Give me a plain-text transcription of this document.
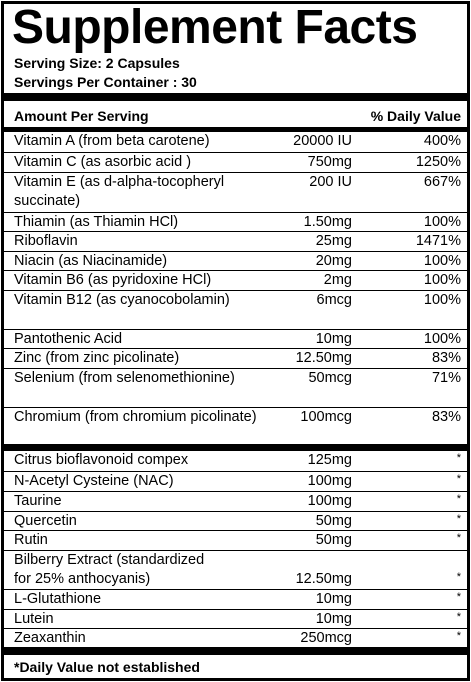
Supplement Facts
Serving Size: 2 Capsules
Servings Per Container : 30
Amount Per Serving	% Daily Value
Vitamin A (from beta carotene)	20000 IU	400%
Vitamin C (as asorbic acid )	750mg	1250%
Vitamin E (as d-alpha-tocopheryl succinate)
200 IU	667%
Thiamin (as Thiamin HCl)	1.50mg	100%
Riboflavin	25mg	1471%
Niacin (as Niacinamide)	20mg	100%
Vitamin B6 (as pyridoxine HCl)	2mg	100%
Vitamin B12 (as cyanocobolamin)	6mcg	100%
Pantothenic Acid	10mg	100%
Zinc (from zinc picolinate)	12.50mg	83%
Selenium (from selenomethionine)	50mcg	71%
Chromium (from chromium picolinate)	100mcg	83%
Citrus bioflavonoid compex	125mg	*
N-Acetyl Cysteine (NAC)	100mg	*
Taurine	100mg	*
Quercetin	50mg	*
Rutin	50mg	*
Bilberry Extract (standardized
for 25% anthocyanis)	12.50mg	*
L-Glutathione	10mg	*
Lutein	10mg	*
Zeaxanthin	250mcg	*
*Daily Value not established
